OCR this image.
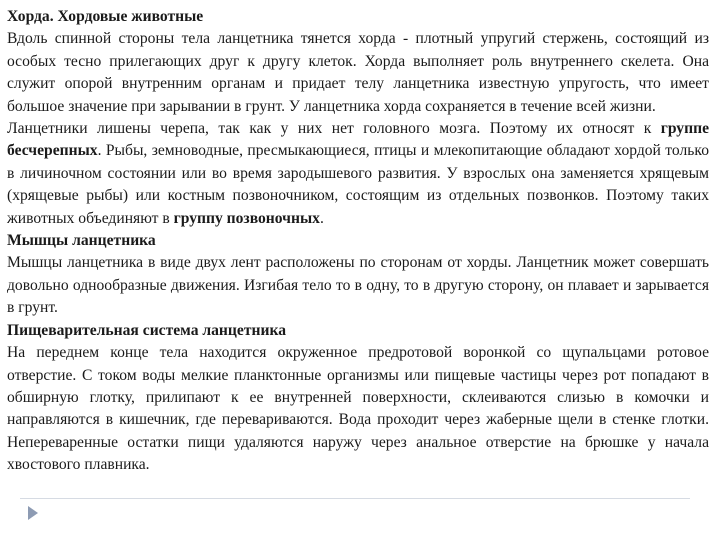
Хорда. Хордовые животные

Вдоль спинной стороны тела ланцетника тянется хорда - плотный упругий стержень, состоящий из особых тесно прилегающих друг к другу клеток. Хорда выполняет роль внутреннего скелета. Она служит опорой внутренним органам и придает телу ланцетника известную упругость, что имеет большое значение при зарывании в грунт. У ланцетника хорда сохраняется в течение всей жизни.

Ланцетники лишены черепа, так как у них нет головного мозга. Поэтому их относят к группе бесчерепных. Рыбы, земноводные, пресмыкающиеся, птицы и млекопитающие обладают хордой только в личиночном состоянии или во время зародышевого развития. У взрослых она заменяется хрящевым (хрящевые рыбы) или костным позвоночником, состоящим из отдельных позвонков. Поэтому таких животных объединяют в группу позвоночных.

Мышцы ланцетника

Мышцы ланцетника в виде двух лент расположены по сторонам от хорды. Ланцетник может совершать довольно однообразные движения. Изгибая тело то в одну, то в другую сторону, он плавает и зарывается в грунт.

Пищеварительная система ланцетника

На переднем конце тела находится окруженное предротовой воронкой со щупальцами ротовое отверстие. С током воды мелкие планктонные организмы или пищевые частицы через рот попадают в обширную глотку, прилипают к ее внутренней поверхности, склеиваются слизью в комочки и направляются в кишечник, где перевариваются. Вода проходит через жаберные щели в стенке глотки. Непереваренные остатки пищи удаляются наружу через анальное отверстие на брюшке у начала хвостового плавника.
